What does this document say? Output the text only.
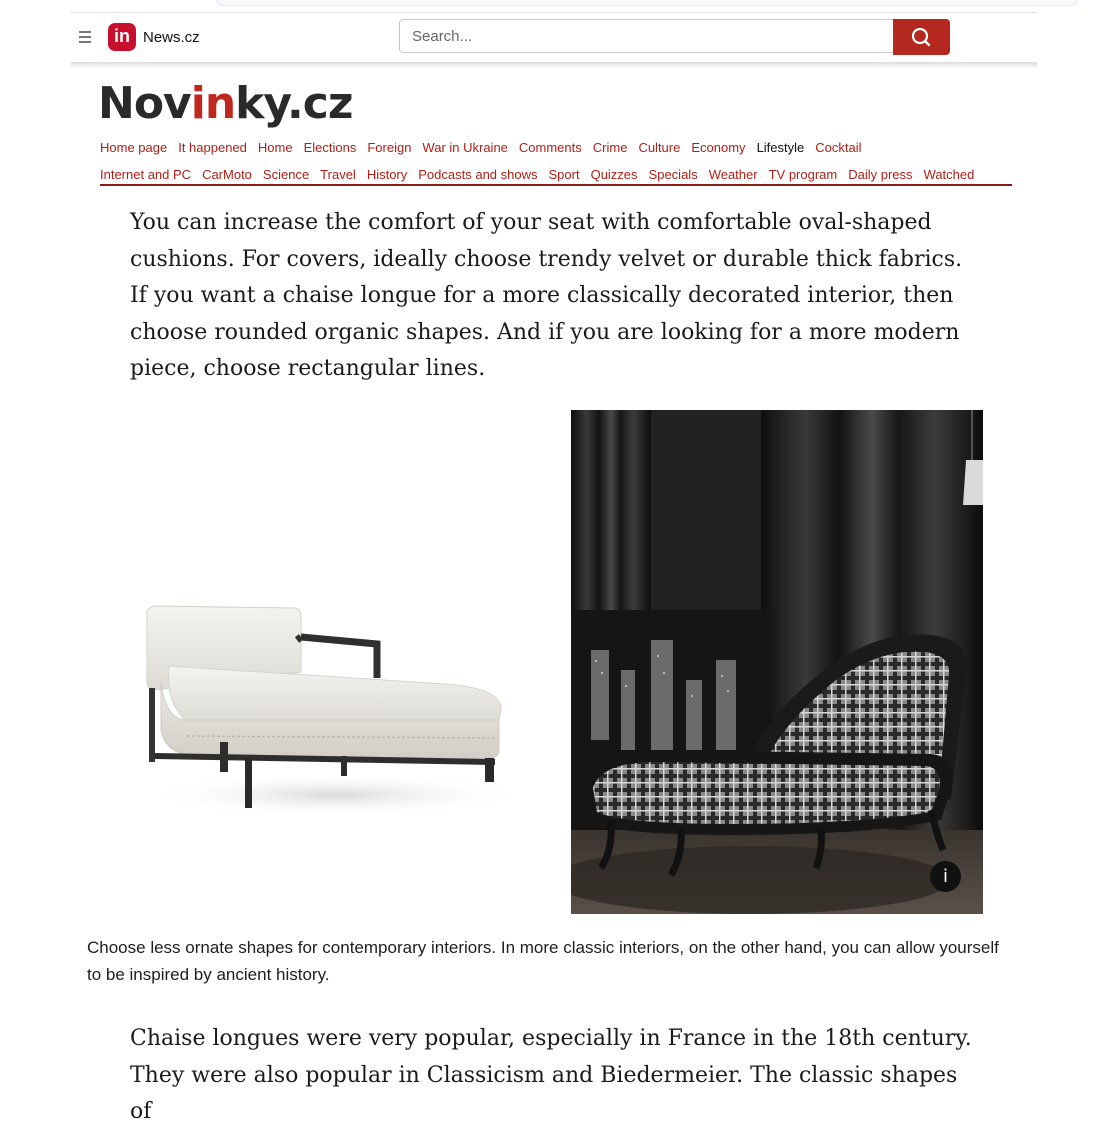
in News.cz
Search...
Novinky.cz
Home page It happened Home Elections Foreign War in Ukraine Comments Crime Culture Economy Lifestyle Cocktail
Internet and PC CarMoto Science Travel History Podcasts and shows Sport Quizzes Specials Weather TV program Daily press Watched

You can increase the comfort of your seat with comfortable oval-shaped cushions. For covers, ideally choose trendy velvet or durable thick fabrics. If you want a chaise longue for a more classically decorated interior, then choose rounded organic shapes. And if you are looking for a more modern piece, choose rectangular lines.

i

Choose less ornate shapes for contemporary interiors. In more classic interiors, on the other hand, you can allow yourself to be inspired by ancient history.

Chaise longues were very popular, especially in France in the 18th century. They were also popular in Classicism and Biedermeier. The classic shapes of
